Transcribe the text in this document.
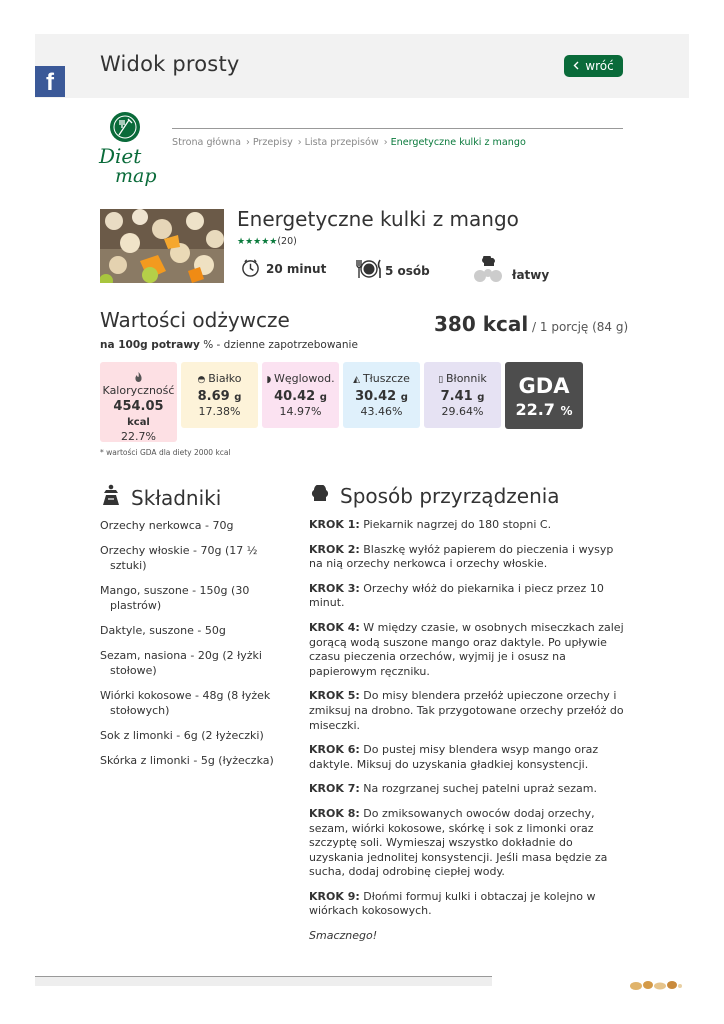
Widok prosty	wróć
f
Diet
map
Strona główna › Przepisy › Lista przepisów › Energetyczne kulki z mango
Energetyczne kulki z mango
★★★★★(20)
20 minut	5 osób	łatwy
Wartości odżywcze	380 kcal / 1 porcję (84 g)
na 100g potrawy % - dzienne zapotrzebowanie
Kaloryczność
454.05 kcal
22.7%
◓ Białko
8.69 g
17.38%
◗ Węglowod.
40.42 g
14.97%
◭ Tłuszcze
30.42 g
43.46%
▯ Błonnik
7.41 g
29.64%
GDA
22.7 %
* wartości GDA dla diety 2000 kcal
Składniki
Orzechy nerkowca - 70g
Orzechy włoskie - 70g (17 ½ sztuki)
Mango, suszone - 150g (30 plastrów)
Daktyle, suszone - 50g
Sezam, nasiona - 20g (2 łyżki stołowe)
Wiórki kokosowe - 48g (8 łyżek stołowych)
Sok z limonki - 6g (2 łyżeczki)
Skórka z limonki - 5g (łyżeczka)
Sposób przyrządzenia

KROK 1: Piekarnik nagrzej do 180 stopni C.

KROK 2: Blaszkę wyłóż papierem do pieczenia i wysyp na nią orzechy nerkowca i orzechy włoskie.

KROK 3: Orzechy włóż do piekarnika i piecz przez 10 minut.

KROK 4: W między czasie, w osobnych miseczkach zalej gorącą wodą suszone mango oraz daktyle. Po upływie czasu pieczenia orzechów, wyjmij je i osusz na papierowym ręczniku.

KROK 5: Do misy blendera przełóż upieczone orzechy i zmiksuj na drobno. Tak przygotowane orzechy przełóż do miseczki.

KROK 6: Do pustej misy blendera wsyp mango oraz daktyle. Miksuj do uzyskania gładkiej konsystencji.

KROK 7: Na rozgrzanej suchej patelni upraż sezam.

KROK 8: Do zmiksowanych owoców dodaj orzechy, sezam, wiórki kokosowe, skórkę i sok z limonki oraz szczyptę soli. Wymieszaj wszystko dokładnie do uzyskania jednolitej konsystencji. Jeśli masa będzie za sucha, dodaj odrobinę ciepłej wody.

KROK 9: Dłońmi formuj kulki i obtaczaj je kolejno w wiórkach kokosowych.

Smacznego!
